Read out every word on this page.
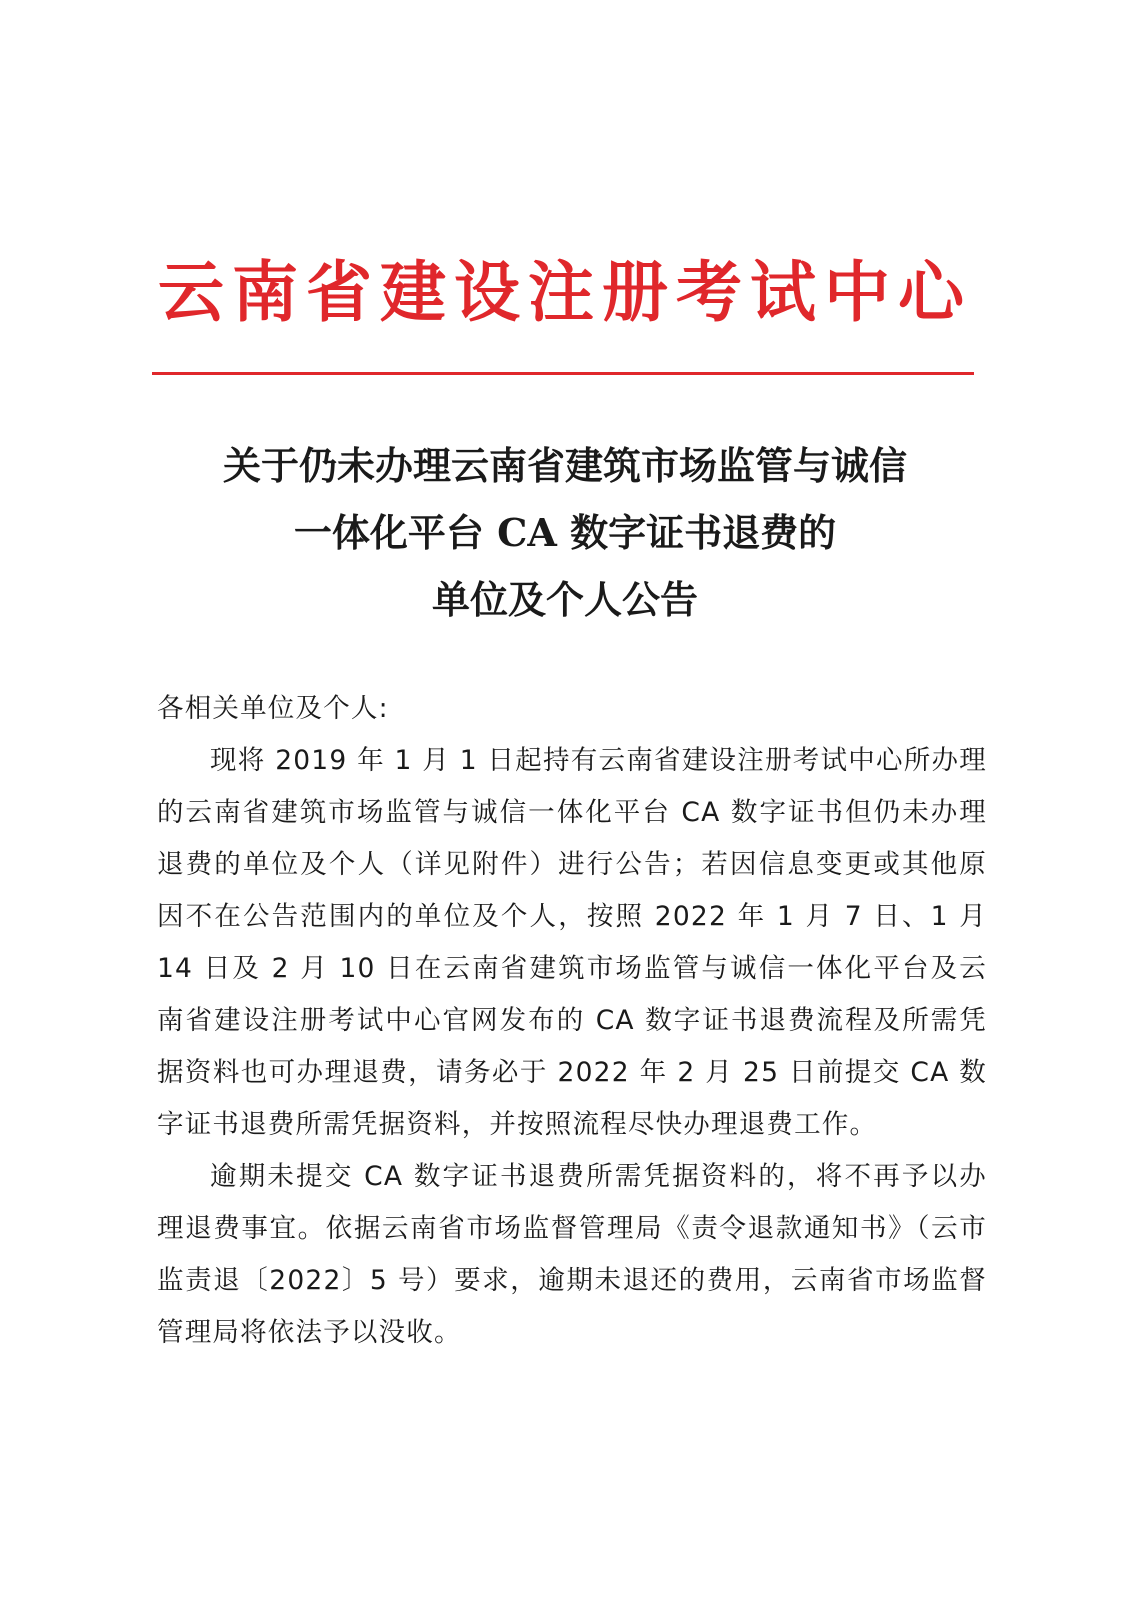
云南省建设注册考试中心
关于仍未办理云南省建筑市场监管与诚信
一体化平台 CA 数字证书退费的
单位及个人公告

各相关单位及个人:

现将 2019 年 1 月 1 日起持有云南省建设注册考试中心所办理的云南省建筑市场监管与诚信一体化平台 CA 数字证书但仍未办理退费的单位及个人（详见附件）进行公告；若因信息变更或其他原因不在公告范围内的单位及个人，按照 2022 年 1 月 7 日、1 月 14 日及 2 月 10 日在云南省建筑市场监管与诚信一体化平台及云南省建设注册考试中心官网发布的 CA 数字证书退费流程及所需凭据资料也可办理退费，请务必于 2022 年 2 月 25 日前提交 CA 数字证书退费所需凭据资料，并按照流程尽快办理退费工作。

逾期未提交 CA 数字证书退费所需凭据资料的，将不再予以办理退费事宜。依据云南省市场监督管理局《责令退款通知书》（云市监责退〔2022〕5 号）要求，逾期未退还的费用，云南省市场监督管理局将依法予以没收。
